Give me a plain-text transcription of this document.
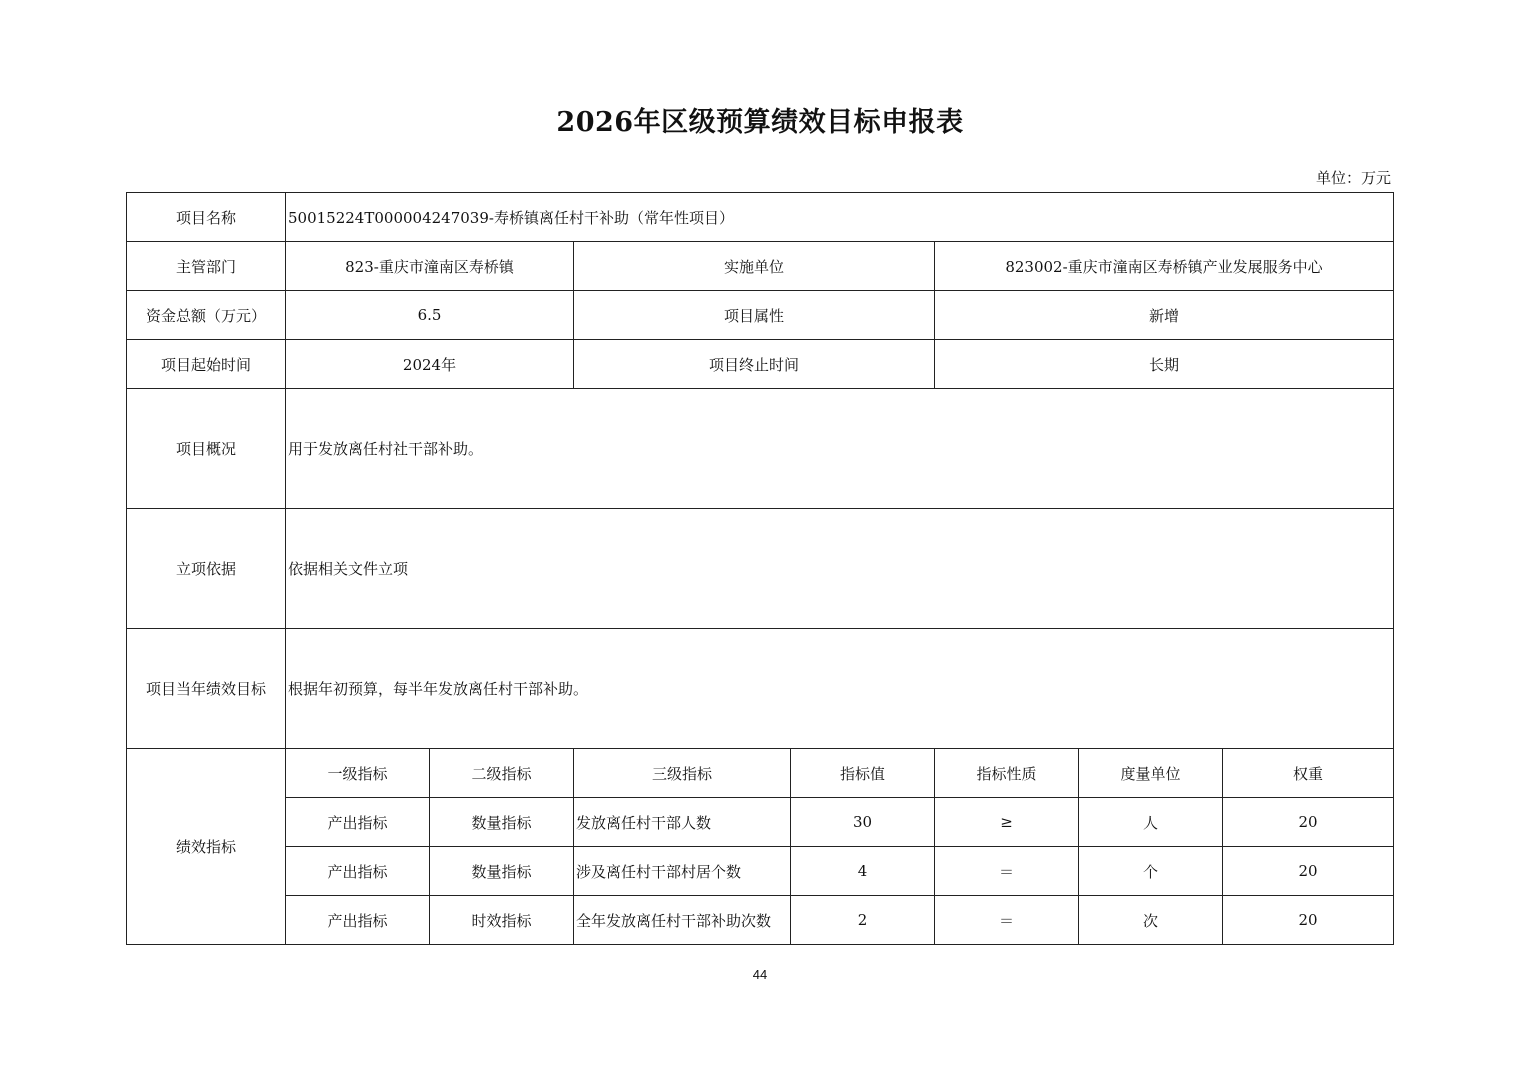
2026年区级预算绩效目标申报表
单位：万元
项目名称	50015224T000004247039-寿桥镇离任村干补助（常年性项目）						
主管部门	823-重庆市潼南区寿桥镇		实施单位		823002-重庆市潼南区寿桥镇产业发展服务中心		
资金总额（万元）	6.5		项目属性		新增		
项目起始时间	2024年		项目终止时间		长期		
项目概况	用于发放离任村社干部补助。						
立项依据	依据相关文件立项						
项目当年绩效目标	根据年初预算，每半年发放离任村干部补助。						
绩效指标	一级指标	二级指标	三级指标	指标值	指标性质	度量单位	权重
	产出指标	数量指标	发放离任村干部人数	30	≥	人	20
	产出指标	数量指标	涉及离任村干部村居个数	4	＝	个	20
	产出指标	时效指标	全年发放离任村干部补助次数	2	＝	次	20
44
